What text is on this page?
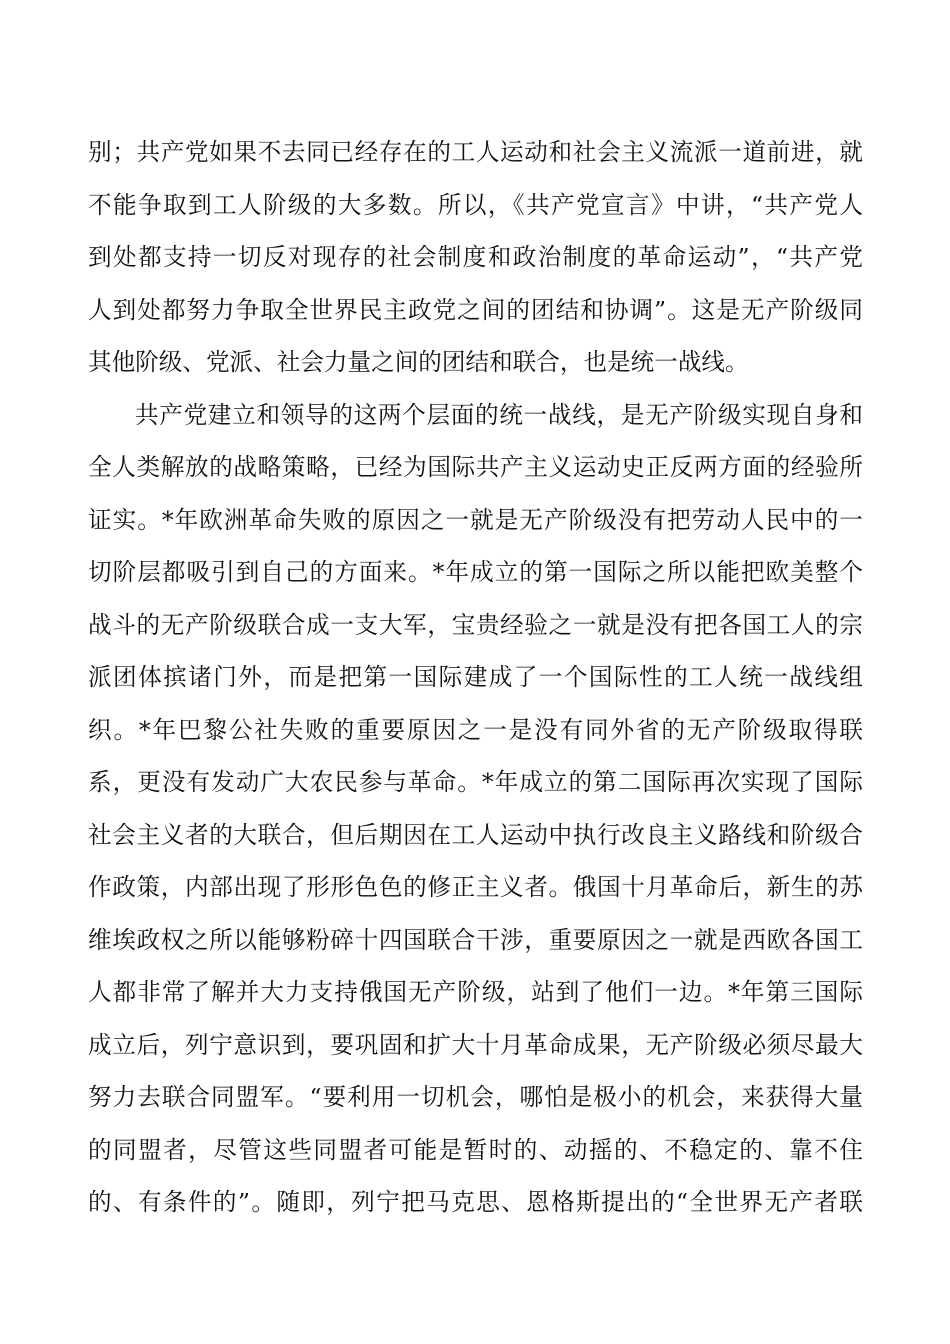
别；共产党如果不去同已经存在的工人运动和社会主义流派一道前进，就
不能争取到工人阶级的大多数。所以，《共产党宣言》中讲，“共产党人
到处都支持一切反对现存的社会制度和政治制度的革命运动”，“共产党
人到处都努力争取全世界民主政党之间的团结和协调”。这是无产阶级同
其他阶级、党派、社会力量之间的团结和联合，也是统一战线。
共产党建立和领导的这两个层面的统一战线，是无产阶级实现自身和
全人类解放的战略策略，已经为国际共产主义运动史正反两方面的经验所
证实。*年欧洲革命失败的原因之一就是无产阶级没有把劳动人民中的一
切阶层都吸引到自己的方面来。*年成立的第一国际之所以能把欧美整个
战斗的无产阶级联合成一支大军，宝贵经验之一就是没有把各国工人的宗
派团体摈诸门外，而是把第一国际建成了一个国际性的工人统一战线组
织。*年巴黎公社失败的重要原因之一是没有同外省的无产阶级取得联
系，更没有发动广大农民参与革命。*年成立的第二国际再次实现了国际
社会主义者的大联合，但后期因在工人运动中执行改良主义路线和阶级合
作政策，内部出现了形形色色的修正主义者。俄国十月革命后，新生的苏
维埃政权之所以能够粉碎十四国联合干涉，重要原因之一就是西欧各国工
人都非常了解并大力支持俄国无产阶级，站到了他们一边。*年第三国际
成立后，列宁意识到，要巩固和扩大十月革命成果，无产阶级必须尽最大
努力去联合同盟军。“要利用一切机会，哪怕是极小的机会，来获得大量
的同盟者，尽管这些同盟者可能是暂时的、动摇的、不稳定的、靠不住
的、有条件的”。随即，列宁把马克思、恩格斯提出的“全世界无产者联
